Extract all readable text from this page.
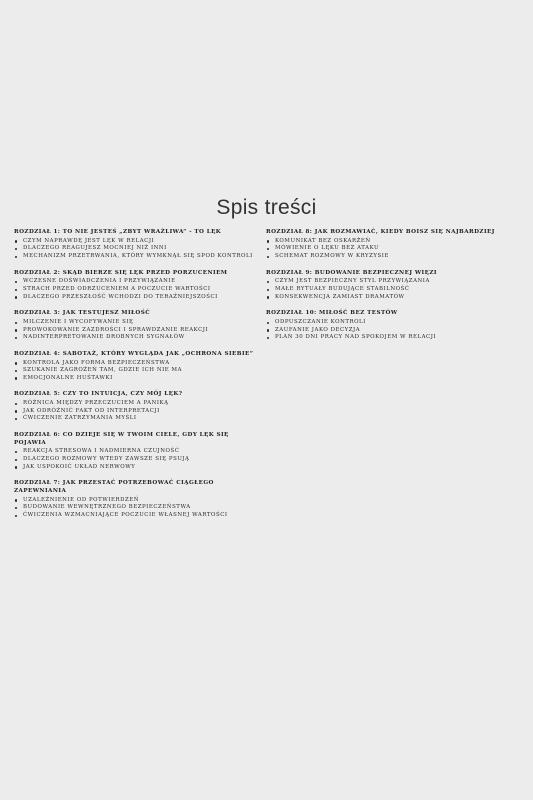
Spis treści
ROZDZIAŁ 1: TO NIE JESTEŚ „ZBYT WRAŻLIWA” - TO LĘK
CZYM NAPRAWDĘ JEST LĘK W RELACJI
DLACZEGO REAGUJESZ MOCNIEJ NIŻ INNI
MECHANIZM PRZETRWANIA, KTÓRY WYMKNĄŁ SIĘ SPOD KONTROLI
ROZDZIAŁ 2: SKĄD BIERZE SIĘ LĘK PRZED PORZUCENIEM
WCZESNE DOŚWIADCZENIA I PRZYWIĄZANIE
STRACH PRZED ODRZUCENIEM A POCZUCIE WARTOŚCI
DLACZEGO PRZESZŁOŚĆ WCHODZI DO TERAŹNIEJSZOŚCI
ROZDZIAŁ 3: JAK TESTUJESZ MIŁOŚĆ
MILCZENIE I WYCOFYWANIE SIĘ
PROWOKOWANIE ZAZDROŚCI I SPRAWDZANIE REAKCJI
NADINTERPRETOWANIE DROBNYCH SYGNAŁÓW
ROZDZIAŁ 4: SABOTAŻ, KTÓRY WYGLĄDA JAK „OCHRONA SIEBIE”
KONTROLA JAKO FORMA BEZPIECZEŃSTWA
SZUKANIE ZAGROŻEŃ TAM, GDZIE ICH NIE MA
EMOCJONALNE HUŚTAWKI
ROZDZIAŁ 5: CZY TO INTUICJA, CZY MÓJ LĘK?
RÓŻNICA MIĘDZY PRZECZUCIEM A PANIKĄ
JAK ODRÓŻNIĆ FAKT OD INTERPRETACJI
ĆWICZENIE ZATRZYMANIA MYŚLI
ROZDZIAŁ 6: CO DZIEJE SIĘ W TWOIM CIELE, GDY LĘK SIĘ POJAWIA
REAKCJA STRESOWA I NADMIERNA CZUJNOŚĆ
DLACZEGO ROZMOWY WTEDY ZAWSZE SIĘ PSUJĄ
JAK USPOKOIĆ UKŁAD NERWOWY
ROZDZIAŁ 7: JAK PRZESTAĆ POTRZEBOWAĆ CIĄGŁEGO ZAPEWNIANIA
UZALEŻNIENIE OD POTWIERDZEŃ
BUDOWANIE WEWNĘTRZNEGO BEZPIECZEŃSTWA
ĆWICZENIA WZMACNIAJĄCE POCZUCIE WŁASNEJ WARTOŚCI
ROZDZIAŁ 8: JAK ROZMAWIAĆ, KIEDY BOISZ SIĘ NAJBARDZIEJ
KOMUNIKAT BEZ OSKARŻEŃ
MÓWIENIE O LĘKU BEZ ATAKU
SCHEMAT ROZMOWY W KRYZYSIE
ROZDZIAŁ 9: BUDOWANIE BEZPIECZNEJ WIĘZI
CZYM JEST BEZPIECZNY STYL PRZYWIĄZANIA
MAŁE RYTUAŁY BUDUJĄCE STABILNOŚĆ
KONSEKWENCJA ZAMIAST DRAMATÓW
ROZDZIAŁ 10: MIŁOŚĆ BEZ TESTÓW
ODPUSZCZANIE KONTROLI
ZAUFANIE JAKO DECYZJA
PLAN 30 DNI PRACY NAD SPOKOJEM W RELACJI
